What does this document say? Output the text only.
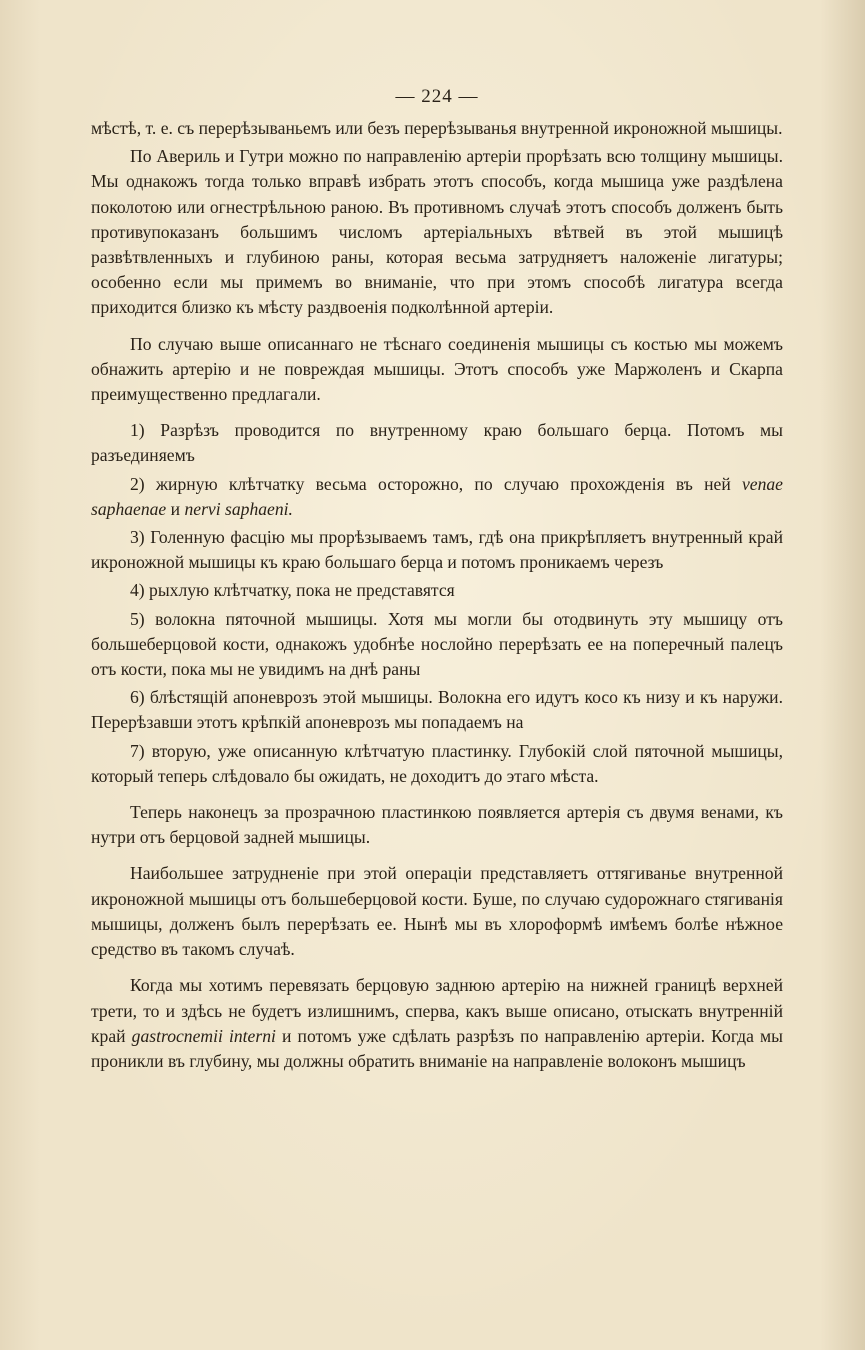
— 224 —

мѣстѣ, т. е. съ перерѣзываньемъ или безъ перерѣзыванья внутренной икроножной мышицы.

По Авериль и Гутри можно по направленію артеріи прорѣзать всю толщину мышицы. Мы однакожъ тогда только вправѣ избрать этотъ способъ, когда мышица уже раздѣлена поколотою или огнестрѣльною раною. Въ противномъ случаѣ этотъ способъ долженъ быть противупоказанъ большимъ числомъ артеріальныхъ вѣтвей въ этой мышицѣ развѣтвленныхъ и глубиною раны, которая весьма затрудняетъ наложеніе лигатуры; особенно если мы примемъ во вниманіе, что при этомъ способѣ лигатура всегда приходится близко къ мѣсту раздвоенія подколѣнной артеріи.

По случаю выше описаннаго не тѣснаго соединенія мышицы съ костью мы можемъ обнажить артерію и не повреждая мышицы. Этотъ способъ уже Маржоленъ и Скарпа преимущественно предлагали.

1) Разрѣзъ проводится по внутренному краю большаго берца. Потомъ мы разъединяемъ

2) жирную клѣтчатку весьма осторожно, по случаю прохожденія въ ней venae saphaenae и nervi saphaeni.

3) Голенную фасцію мы прорѣзываемъ тамъ, гдѣ она прикрѣпляетъ внутренный край икроножной мышицы къ краю большаго берца и потомъ проникаемъ черезъ

4) рыхлую клѣтчатку, пока не представятся

5) волокна пяточной мышицы. Хотя мы могли бы отодвинуть эту мышицу отъ большеберцовой кости, однакожъ удобнѣе нослойно перерѣзать ее на поперечный палецъ отъ кости, пока мы не увидимъ на днѣ раны

6) блѣстящій апоневрозъ этой мышицы. Волокна его идутъ косо къ низу и къ наружи. Перерѣзавши этотъ крѣпкій апоневрозъ мы попадаемъ на

7) вторую, уже описанную клѣтчатую пластинку. Глубокій слой пяточной мышицы, который теперь слѣдовало бы ожидать, не доходитъ до этаго мѣста.

Теперь наконецъ за прозрачною пластинкою появляется артерія съ двумя венами, къ нутри отъ берцовой задней мышицы.

Наибольшее затрудненіе при этой операціи представляетъ оттягиванье внутренной икроножной мышицы отъ большеберцовой кости. Буше, по случаю судорожнаго стягиванія мышицы, долженъ былъ перерѣзать ее. Нынѣ мы въ хлороформѣ имѣемъ болѣе нѣжное средство въ такомъ случаѣ.

Когда мы хотимъ перевязать берцовую заднюю артерію на нижней границѣ верхней трети, то и здѣсь не будетъ излишнимъ, сперва, какъ выше описано, отыскать внутренній край gastrocnemii interni и потомъ уже сдѣлать разрѣзъ по направленію артеріи. Когда мы проникли въ глубину, мы должны обратить вниманіе на направленіе волоконъ мышицъ
